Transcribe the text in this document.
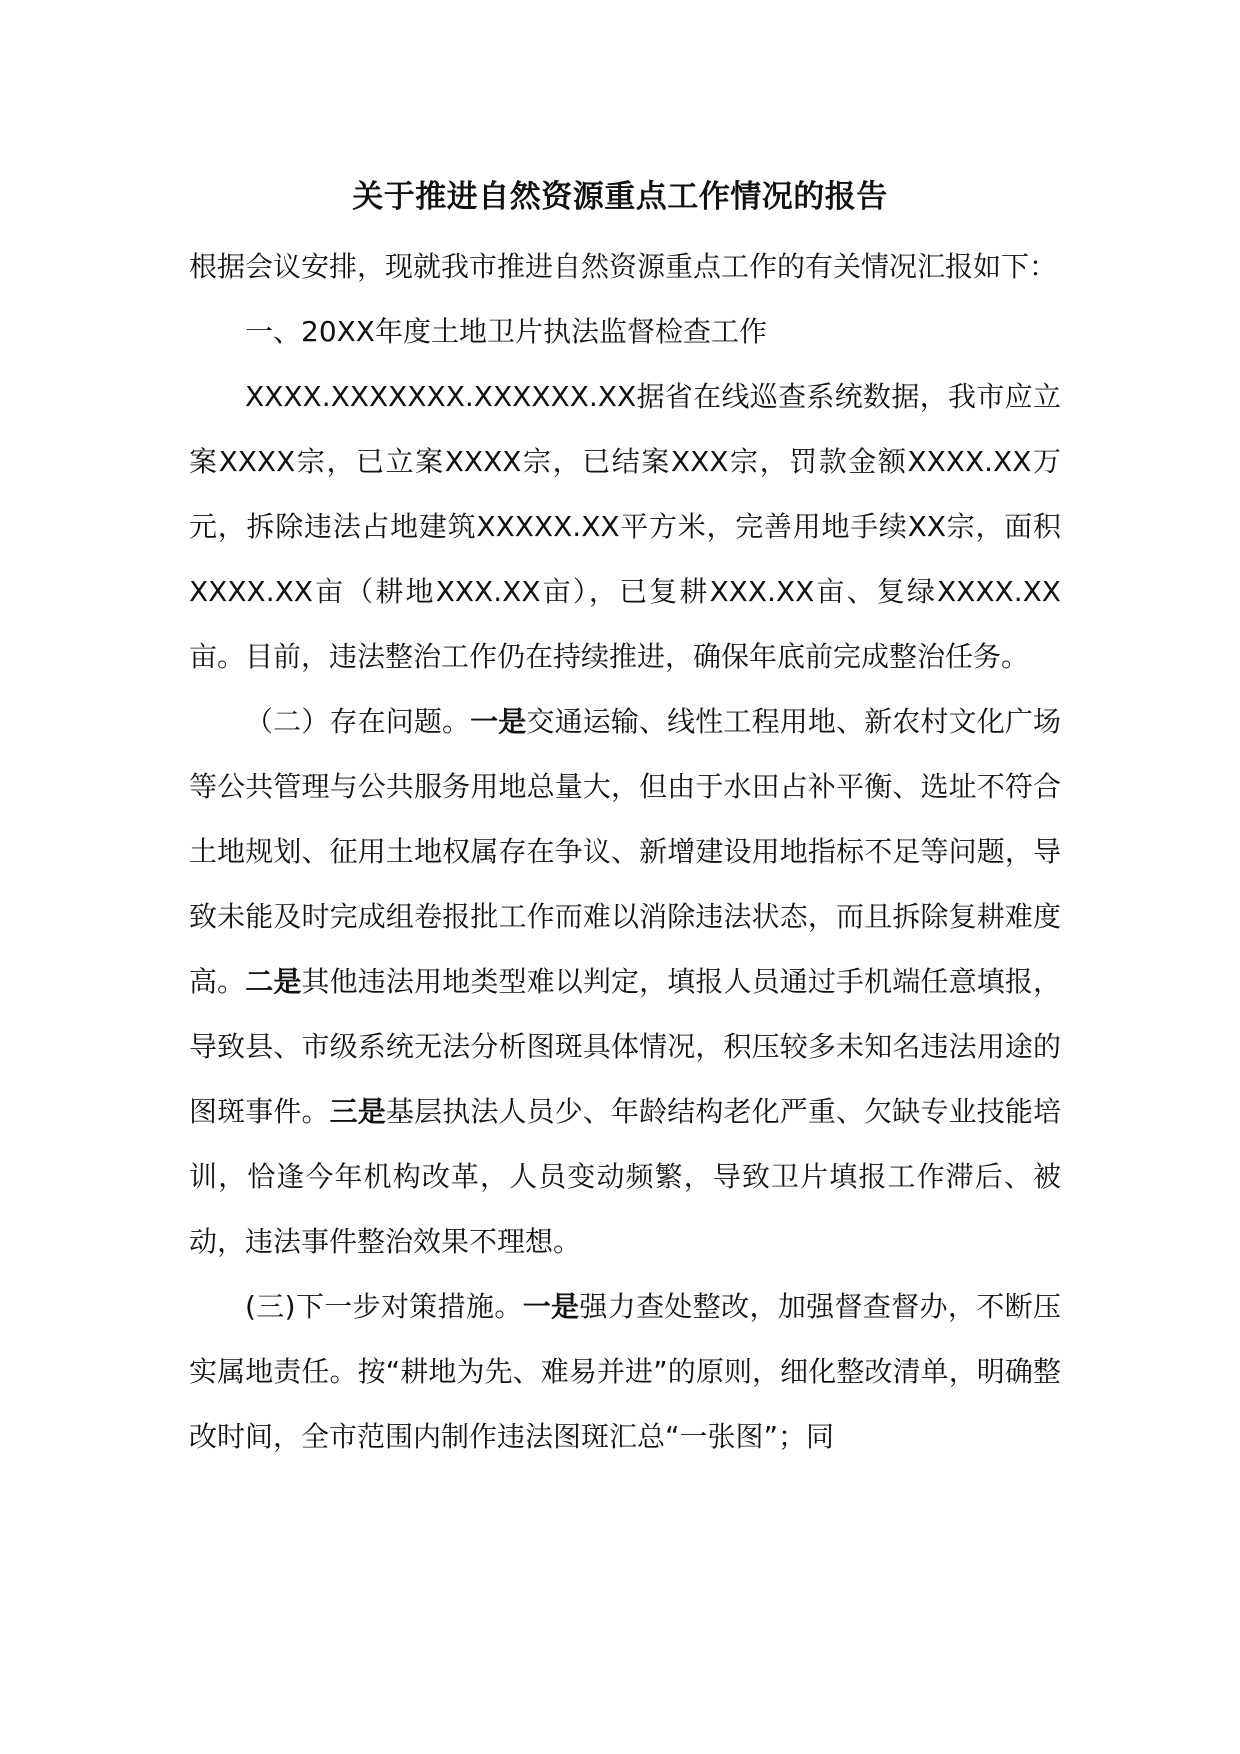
关于推进自然资源重点工作情况的报告

根据会议安排，现就我市推进自然资源重点工作的有关情况汇报如下：

一、20XX年度土地卫片执法监督检查工作

XXXX.XXXXXXX.XXXXXX.XX据省在线巡查系统数据，我市应立案XXXX宗，已立案XXXX宗，已结案XXX宗，罚款金额XXXX.XX万元，拆除违法占地建筑XXXXX.XX平方米，完善用地手续XX宗，面积XXXX.XX亩（耕地XXX.XX亩），已复耕XXX.XX亩、复绿XXXX.XX亩。目前，违法整治工作仍在持续推进，确保年底前完成整治任务。

（二）存在问题。一是交通运输、线性工程用地、新农村文化广场等公共管理与公共服务用地总量大，但由于水田占补平衡、选址不符合土地规划、征用土地权属存在争议、新增建设用地指标不足等问题，导致未能及时完成组卷报批工作而难以消除违法状态，而且拆除复耕难度高。二是其他违法用地类型难以判定，填报人员通过手机端任意填报，导致县、市级系统无法分析图斑具体情况，积压较多未知名违法用途的图斑事件。三是基层执法人员少、年龄结构老化严重、欠缺专业技能培训，恰逢今年机构改革，人员变动频繁，导致卫片填报工作滞后、被动，违法事件整治效果不理想。

(三)下一步对策措施。一是强力查处整改，加强督查督办，不断压实属地责任。按“耕地为先、难易并进”的原则，细化整改清单，明确整改时间，全市范围内制作违法图斑汇总“一张图”；同
